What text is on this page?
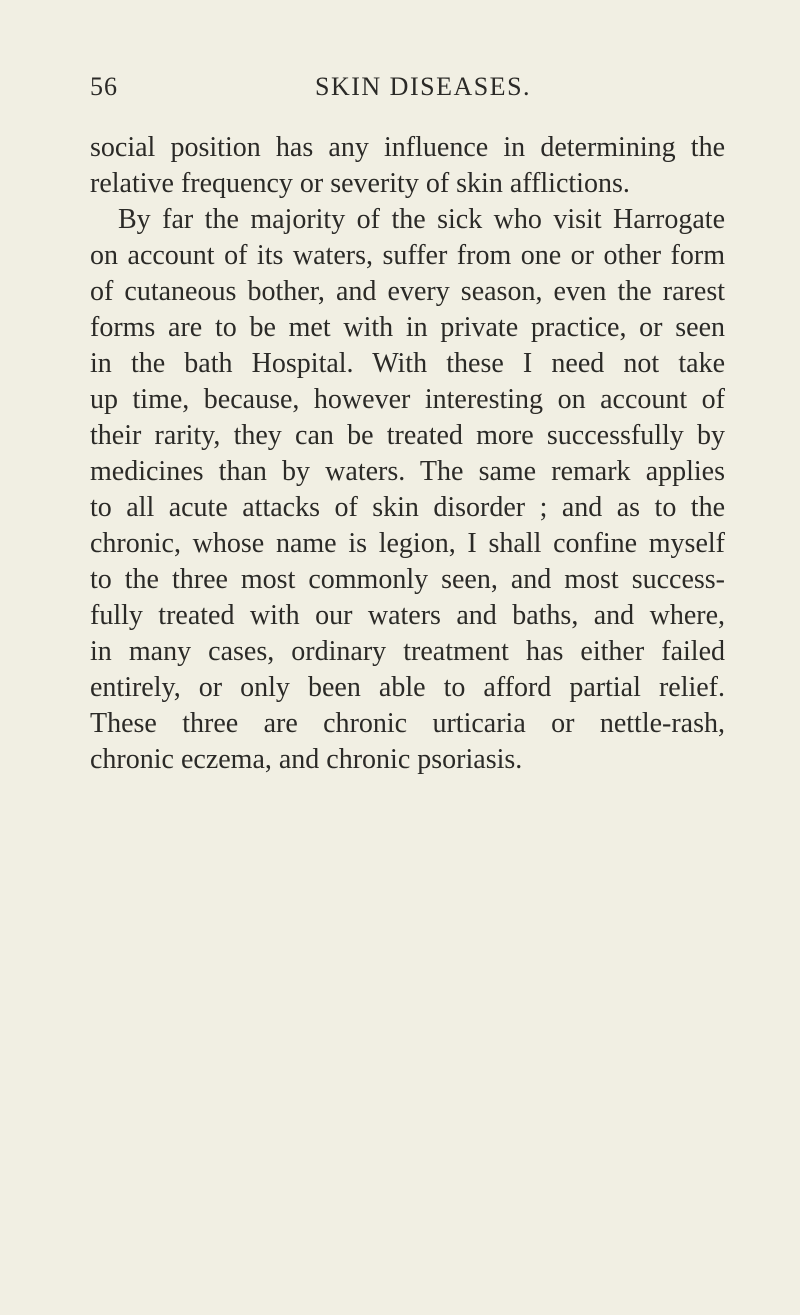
56	SKIN DISEASES.
social position has any influence in determining the
relative frequency or severity of skin afflictions.
By far the majority of the sick who visit Harrogate
on account of its waters, suffer from one or other form
of cutaneous bother, and every season, even the rarest
forms are to be met with in private practice, or seen
in the bath Hospital. With these I need not take
up time, because, however interesting on account of
their rarity, they can be treated more successfully by
medicines than by waters. The same remark applies
to all acute attacks of skin disorder ; and as to the
chronic, whose name is legion, I shall confine myself
to the three most commonly seen, and most success-
fully treated with our waters and baths, and where,
in many cases, ordinary treatment has either failed
entirely, or only been able to afford partial relief.
These three are chronic urticaria or nettle-rash,
chronic eczema, and chronic psoriasis.
